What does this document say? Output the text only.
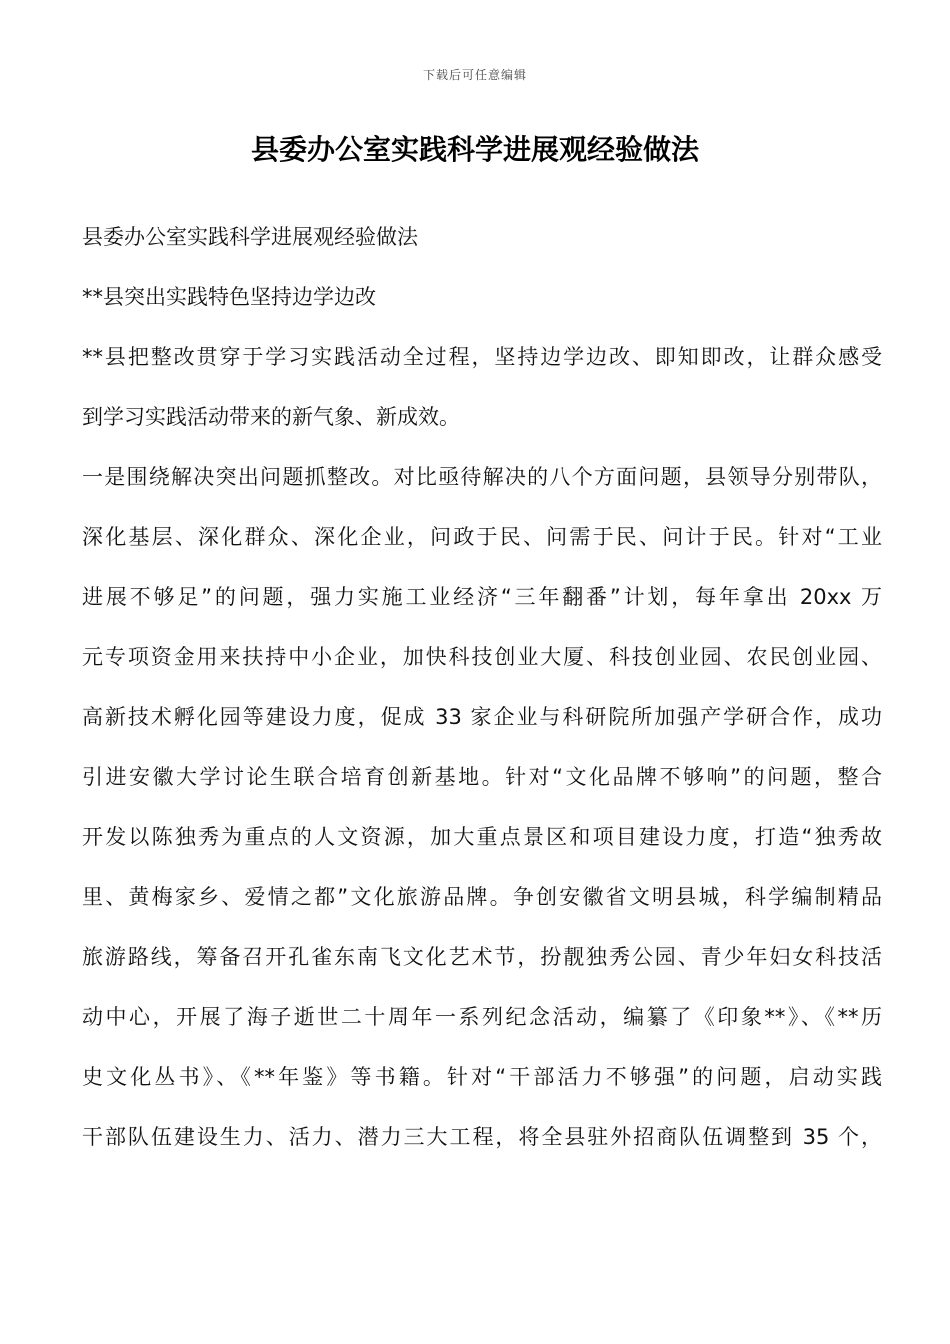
下载后可任意编辑
县委办公室实践科学进展观经验做法
县委办公室实践科学进展观经验做法
**县突出实践特色坚持边学边改
**县把整改贯穿于学习实践活动全过程，坚持边学边改、即知即改，让群众感受
到学习实践活动带来的新气象、新成效。
一是围绕解决突出问题抓整改。对比亟待解决的八个方面问题，县领导分别带队，
深化基层、深化群众、深化企业，问政于民、问需于民、问计于民。针对“工业
进展不够足”的问题，强力实施工业经济“三年翻番”计划，每年拿出 20xx 万
元专项资金用来扶持中小企业，加快科技创业大厦、科技创业园、农民创业园、
高新技术孵化园等建设力度，促成 33 家企业与科研院所加强产学研合作，成功
引进安徽大学讨论生联合培育创新基地。针对“文化品牌不够响”的问题，整合
开发以陈独秀为重点的人文资源，加大重点景区和项目建设力度，打造“独秀故
里、黄梅家乡、爱情之都”文化旅游品牌。争创安徽省文明县城，科学编制精品
旅游路线，筹备召开孔雀东南飞文化艺术节，扮靓独秀公园、青少年妇女科技活
动中心，开展了海子逝世二十周年一系列纪念活动，编纂了《印象**》、《**历
史文化丛书》、《**年鉴》等书籍。针对“干部活力不够强”的问题，启动实践
干部队伍建设生力、活力、潜力三大工程，将全县驻外招商队伍调整到 35 个，
